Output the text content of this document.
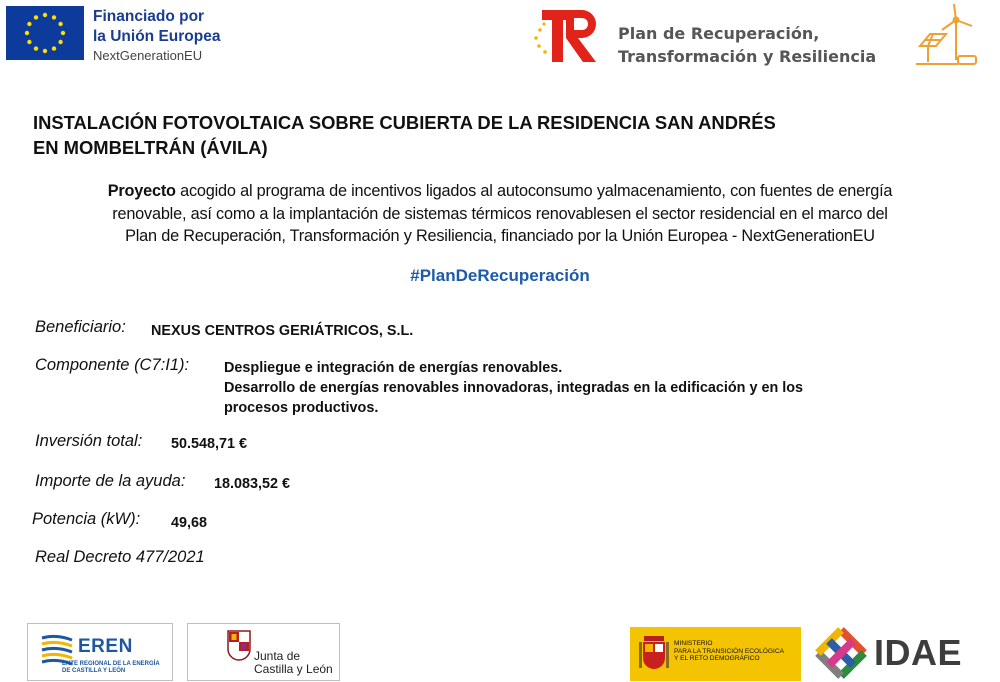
Financiado por
la Unión Europea
NextGenerationEU
Plan de Recuperación,
Transformación y Resiliencia
INSTALACIÓN FOTOVOLTAICA SOBRE CUBIERTA DE LA RESIDENCIA SAN ANDRÉS
EN MOMBELTRÁN (ÁVILA)
Proyecto acogido al programa de incentivos ligados al autoconsumo yalmacenamiento, con fuentes de energía
renovable, así como a la implantación de sistemas térmicos renovablesen el sector residencial en el marco del
Plan de Recuperación, Transformación y Resiliencia, financiado por la Unión Europea - NextGenerationEU
#PlanDeRecuperación
Beneficiario: NEXUS CENTROS GERIÁTRICOS, S.L.
Componente (C7:I1): Despliegue e integración de energías renovables.
Desarrollo de energías renovables innovadoras, integradas en la edificación y en los
procesos productivos.
Inversión total: 50.548,71 €
Importe de la ayuda: 18.083,52 €
Potencia (kW): 49,68
Real Decreto 477/2021
EREN
ENTE REGIONAL DE LA ENERGÍA
DE CASTILLA Y LEÓN
Junta de
Castilla y León
MINISTERIO
PARA LA TRANSICIÓN ECOLÓGICA
Y EL RETO DEMOGRÁFICO	IDAE
